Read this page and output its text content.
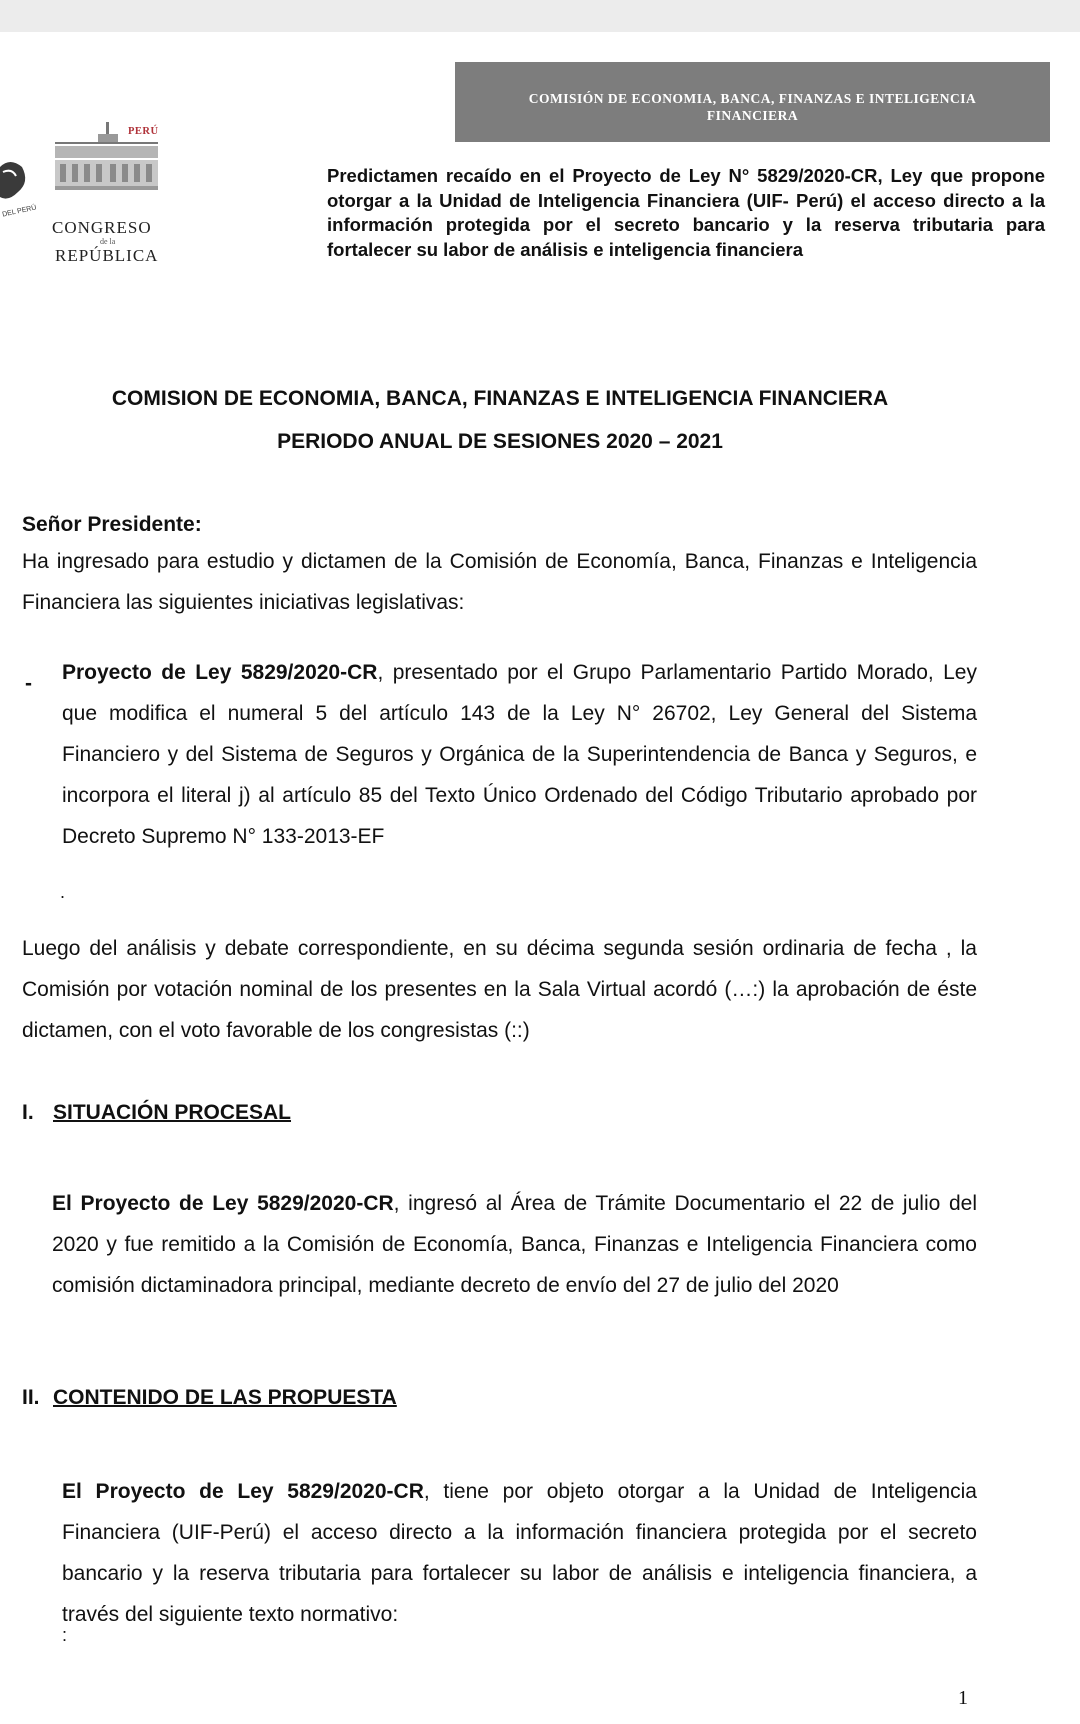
COMISIÓN DE ECONOMIA, BANCA, FINANZAS E INTELIGENCIA
FINANCIERA
DEL PERÚ
PERÚ
CONGRESO
de la
REPÚBLICA
Predictamen recaído en el Proyecto de Ley N° 5829/2020-CR, Ley que propone otorgar a la Unidad de Inteligencia Financiera (UIF- Perú) el acceso directo a la información protegida por el secreto bancario y la reserva tributaria para fortalecer su labor de análisis e inteligencia financiera
COMISION DE ECONOMIA, BANCA, FINANZAS E INTELIGENCIA FINANCIERA
PERIODO ANUAL DE SESIONES 2020 – 2021
Señor Presidente:
Ha ingresado para estudio y dictamen de la Comisión de Economía, Banca, Finanzas e Inteligencia Financiera las siguientes iniciativas legislativas:
- Proyecto de Ley 5829/2020-CR, presentado por el Grupo Parlamentario Partido Morado, Ley que modifica el numeral 5 del artículo 143 de la Ley N° 26702, Ley General del Sistema Financiero y del Sistema de Seguros y Orgánica de la Superintendencia de Banca y Seguros, e incorpora el literal j) al artículo 85 del Texto Único Ordenado del Código Tributario aprobado por Decreto Supremo N° 133-2013-EF
.
Luego del análisis y debate correspondiente, en su décima segunda sesión ordinaria de fecha , la Comisión por votación nominal de los presentes en la Sala Virtual acordó (…:) la aprobación de éste dictamen, con el voto favorable de los congresistas (::)
I. SITUACIÓN PROCESAL
El Proyecto de Ley 5829/2020-CR, ingresó al Área de Trámite Documentario el 22 de julio del 2020 y fue remitido a la Comisión de Economía, Banca, Finanzas e Inteligencia Financiera como comisión dictaminadora principal, mediante decreto de envío del 27 de julio del 2020
II. CONTENIDO DE LAS PROPUESTA
El Proyecto de Ley 5829/2020-CR, tiene por objeto otorgar a la Unidad de Inteligencia Financiera (UIF-Perú) el acceso directo a la información financiera protegida por el secreto bancario y la reserva tributaria para fortalecer su labor de análisis e inteligencia financiera, a través del siguiente texto normativo:
:
1
